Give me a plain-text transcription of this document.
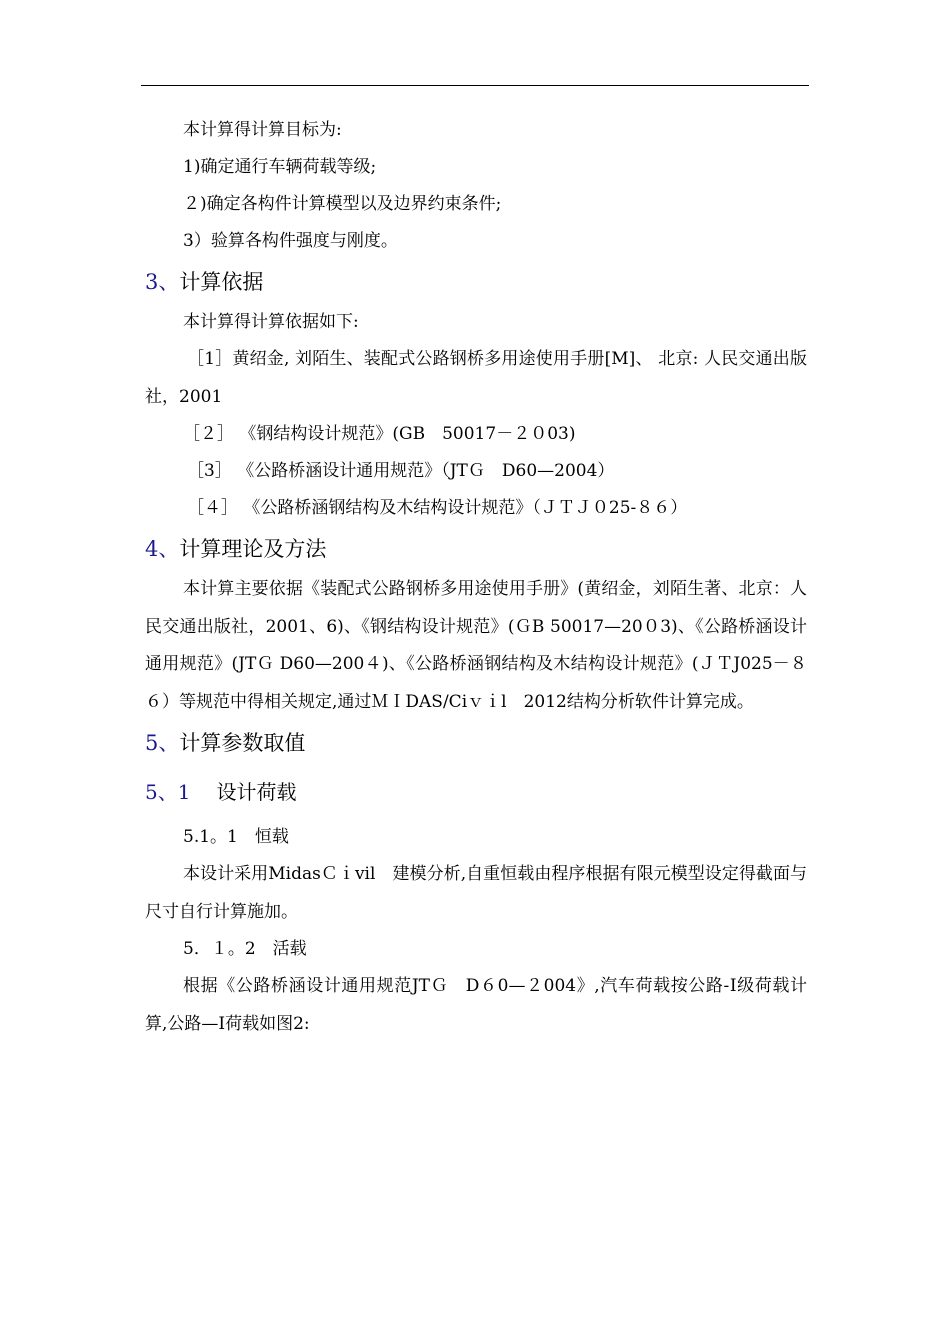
本计算得计算目标为:

1)确定通行车辆荷载等级;

２)确定各构件计算模型以及边界约束条件;

3）验算各构件强度与刚度。

3、计算依据

本计算得计算依据如下:

［1］黄绍金, 刘陌生、装配式公路钢桥多用途使用手册[M]、 北京: 人民交通出版社，2001

［２］ 《钢结构设计规范》(GB　50017－２０03)

［3］ 《公路桥涵设计通用规范》（JTＧ　D60—2004）

［４］ 《公路桥涵钢结构及木结构设计规范》（ＪＴＪ０25-８６）

4、计算理论及方法

本计算主要依据《装配式公路钢桥多用途使用手册》(黄绍金，刘陌生著、北京：人民交通出版社，2001、6)、《钢结构设计规范》(ＧB 50017—20０3)、《公路桥涵设计通用规范》(JTＧ D60—200４)、《公路桥涵钢结构及木结构设计规范》(ＪＴJ025－８６）等规范中得相关规定,通过ＭＩDAS/Ciｖｉl　2012结构分析软件计算完成。

5、计算参数取值

5、1 设计荷载

5.1。1　恒载

本设计采用MidasＣｉvil　建模分析,自重恒载由程序根据有限元模型设定得截面与尺寸自行计算施加。

5．１。2　活载

根据《公路桥涵设计通用规范JTＧ　D６0—２004》,汽车荷载按公路-Ⅰ级荷载计算,公路—Ⅰ荷载如图2:
